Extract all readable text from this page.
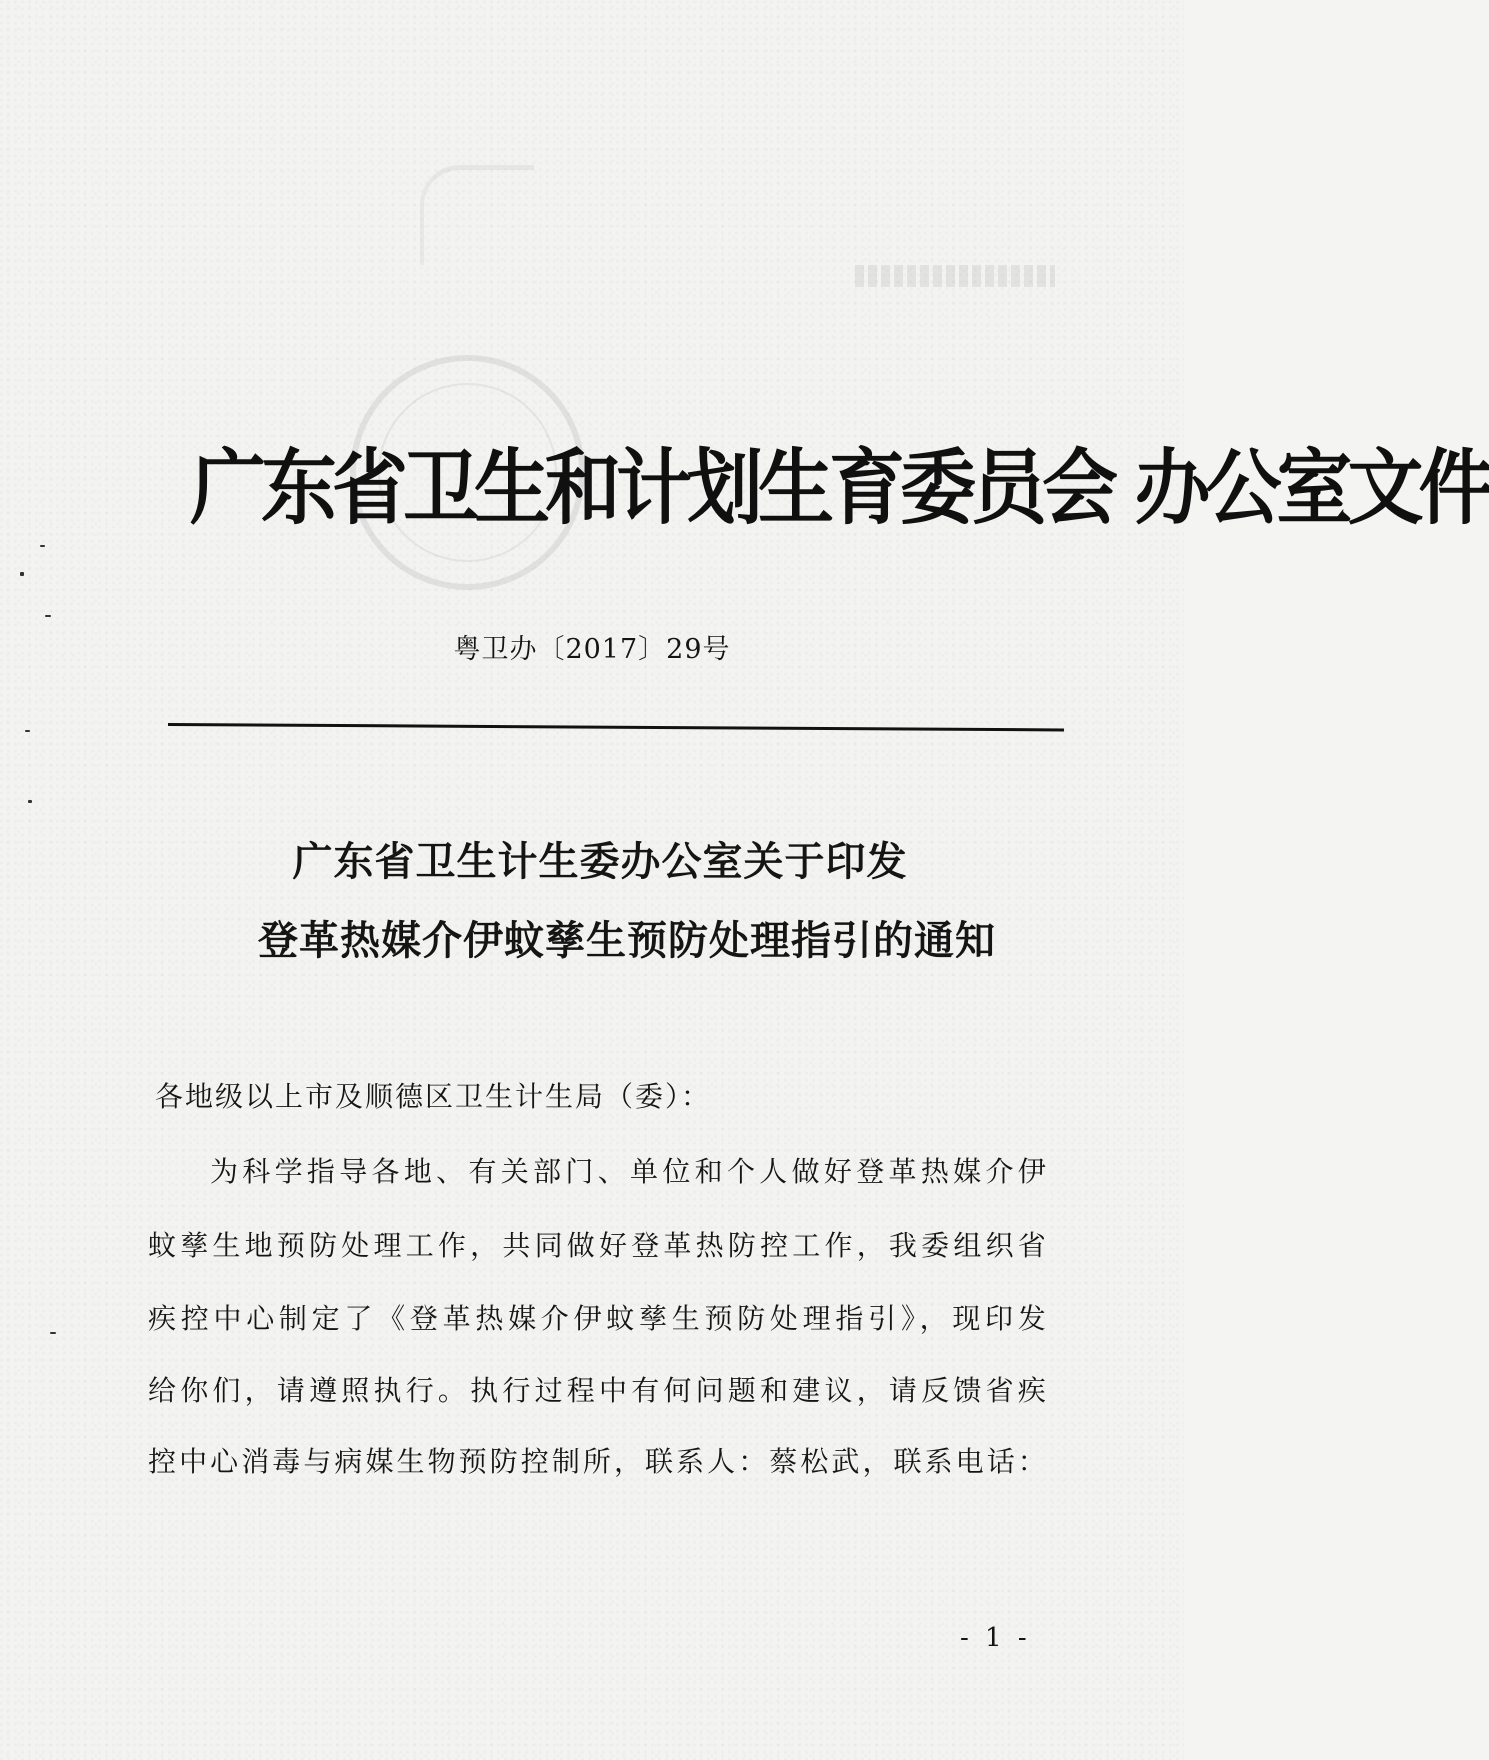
广东省卫生和计划生育委员会 办公室文件
粤卫办〔2017〕29号
广东省卫生计生委办公室关于印发
登革热媒介伊蚊孳生预防处理指引的通知
各地级以上市及顺德区卫生计生局（委）：
为科学指导各地、有关部门、单位和个人做好登革热媒介伊
蚊孳生地预防处理工作，共同做好登革热防控工作，我委组织省
疾控中心制定了《登革热媒介伊蚊孳生预防处理指引》，现印发
给你们，请遵照执行。执行过程中有何问题和建议，请反馈省疾
控中心消毒与病媒生物预防控制所，联系人：蔡松武，联系电话：
- 1 -
